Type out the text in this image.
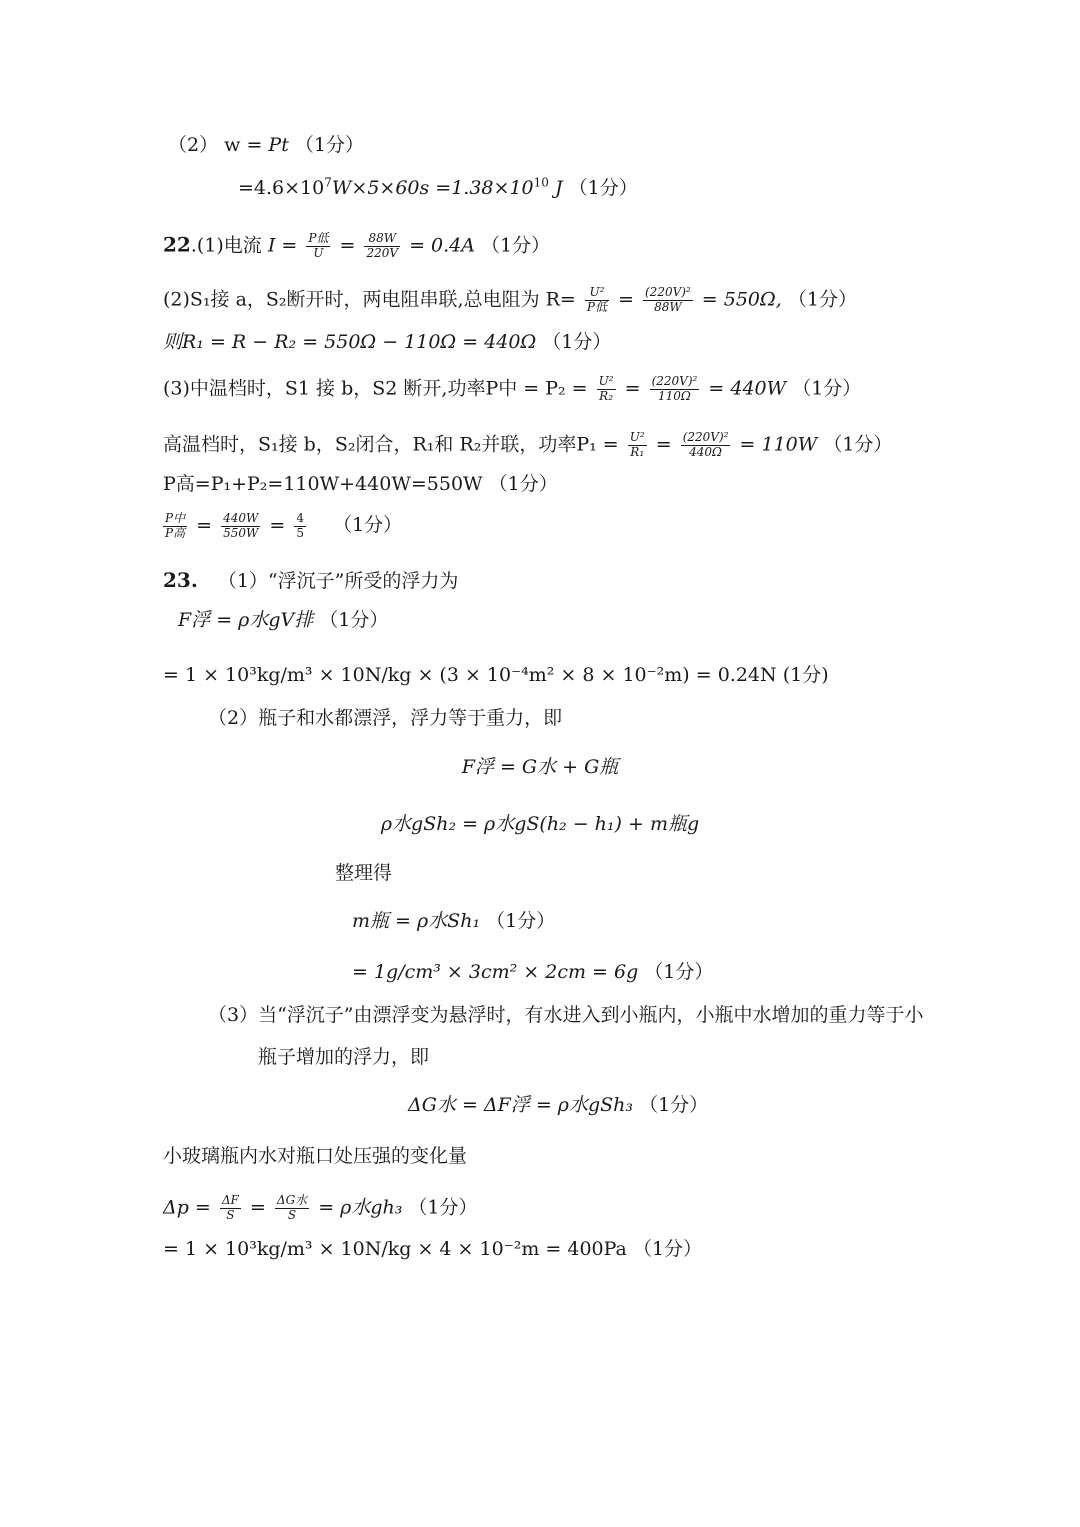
（2） w = Pt （1分）
$=4.6\times 10^7W\times 5\times 60s =1.38\times 10^{10}$ J （1分）
22.(1)电流 I = P低
$U = \frac{88W}{220V} = 0.4A$ （1分）
(2)S₁接 a，S₂断开时，两电阻串联,总电阻为 R=	U²
P低 = $\frac{\text{(220V)²}}{88W} = 550\Omega$, （1分）
则R₁ = R − R₂ = 550Ω − 110Ω = 440Ω （1分）
(3)中温档时，S1 接 b，S2 断开,功率P中 = $P_2 = \frac{\text{U²}}{\text{R₂}} = \frac{\text{(220V)²}}{110\Omega} = 440W$ （1分）
高温档时，S₁接 b，S₂闭合，R₁和 R₂并联，功率$P_1 = \frac{\text{U²}}{\text{R₁}} = \frac{\text{(220V)²}}{440\Omega} = 110W$ （1分）
P高=P₁+P₂=110W+440W=550W （1分）
P中
P高 = $\frac{440W}{550W} = \frac{4}{5} (1$分）
23. （1）“浮沉子”所受的浮力为
F浮 = ρ水gV排 （1分）
= 1 × 10³kg/m³ × 10N/kg × (3 × 10⁻⁴m² × 8 × 10⁻²m) = 0.24N (1分)
（2）瓶子和水都漂浮，浮力等于重力，即
F浮 = G水 + G瓶
ρ水gSh₂ = ρ水gS(h₂ − h₁) + m瓶g
整理得
m瓶 = ρ水Sh₁ （1分）
= 1g/cm³ × 3cm² × 2cm = 6g （1分）
（3）当“浮沉子”由漂浮变为悬浮时，有水进入到小瓶内，小瓶中水增加的重力等于小
瓶子增加的浮力，即
ΔG水 = ΔF浮 = ρ水gSh₃ （1分）
小玻璃瓶内水对瓶口处压强的变化量
$\Delta p = \frac{\Delta F}{S} = \Delta G$水
S	= ρ水gh₃ （1分）
= 1 × 10³kg/m³ × 10N/kg × 4 × 10⁻²m = 400Pa （1分）
